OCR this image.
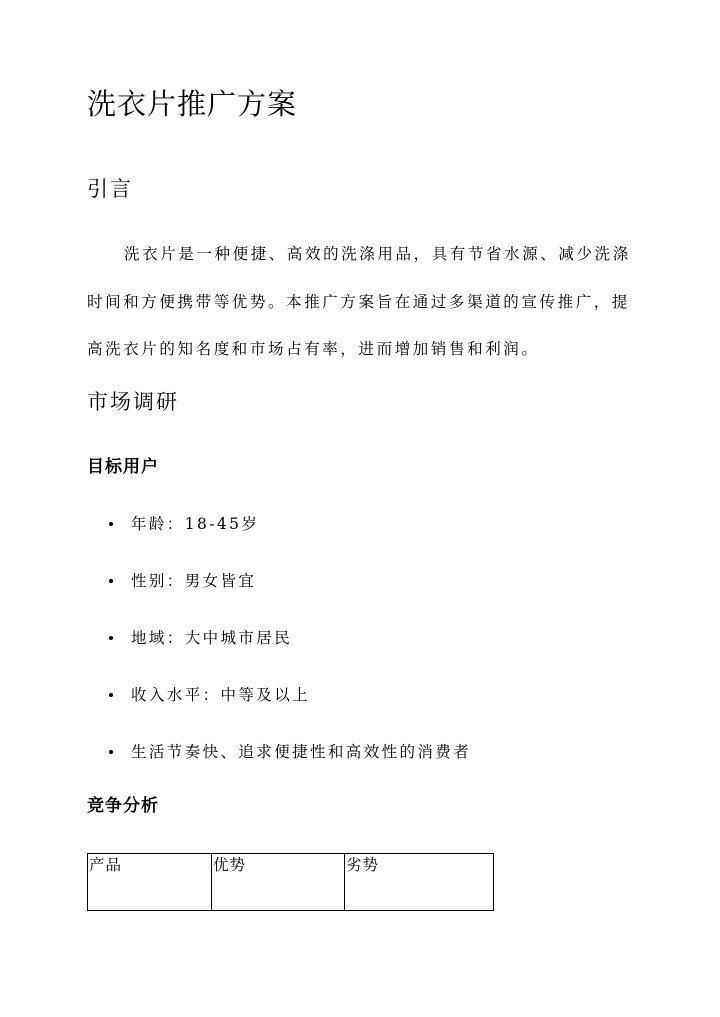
洗衣片推广方案
引言

洗衣片是一种便捷、高效的洗涤用品，具有节省水源、减少洗涤时间和方便携带等优势。本推广方案旨在通过多渠道的宣传推广，提高洗衣片的知名度和市场占有率，进而增加销售和利润。

市场调研
目标用户
年龄：18-45岁
性别：男女皆宜
地域：大中城市居民
收入水平：中等及以上
生活节奏快、追求便捷性和高效性的消费者
竞争分析
产品	优势	劣势
